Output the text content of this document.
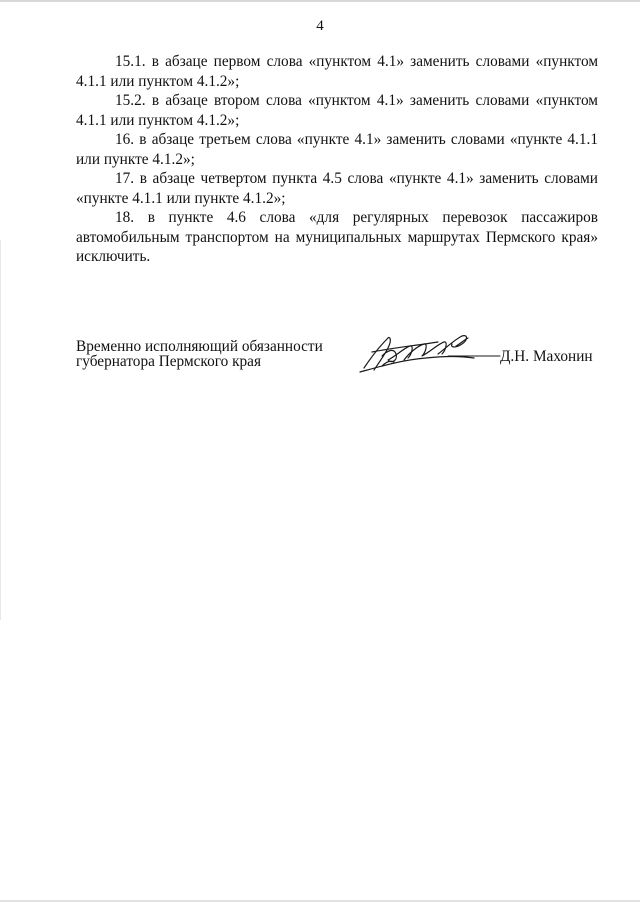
4

15.1. в абзаце первом слова «пунктом 4.1» заменить словами «пунктом 4.1.1 или пунктом 4.1.2»;

15.2. в абзаце втором слова «пунктом 4.1» заменить словами «пунктом 4.1.1 или пунктом 4.1.2»;

16. в абзаце третьем слова «пункте 4.1» заменить словами «пункте 4.1.1 или пункте 4.1.2»;

17. в абзаце четвертом пункта 4.5 слова «пункте 4.1» заменить словами «пункте 4.1.1 или пункте 4.1.2»;

18. в пункте 4.6 слова «для регулярных перевозок пассажиров автомобильным транспортом на муниципальных маршрутах Пермского края» исключить.

Временно исполняющий обязанности
губернатора Пермского края	Д.Н. Махонин
